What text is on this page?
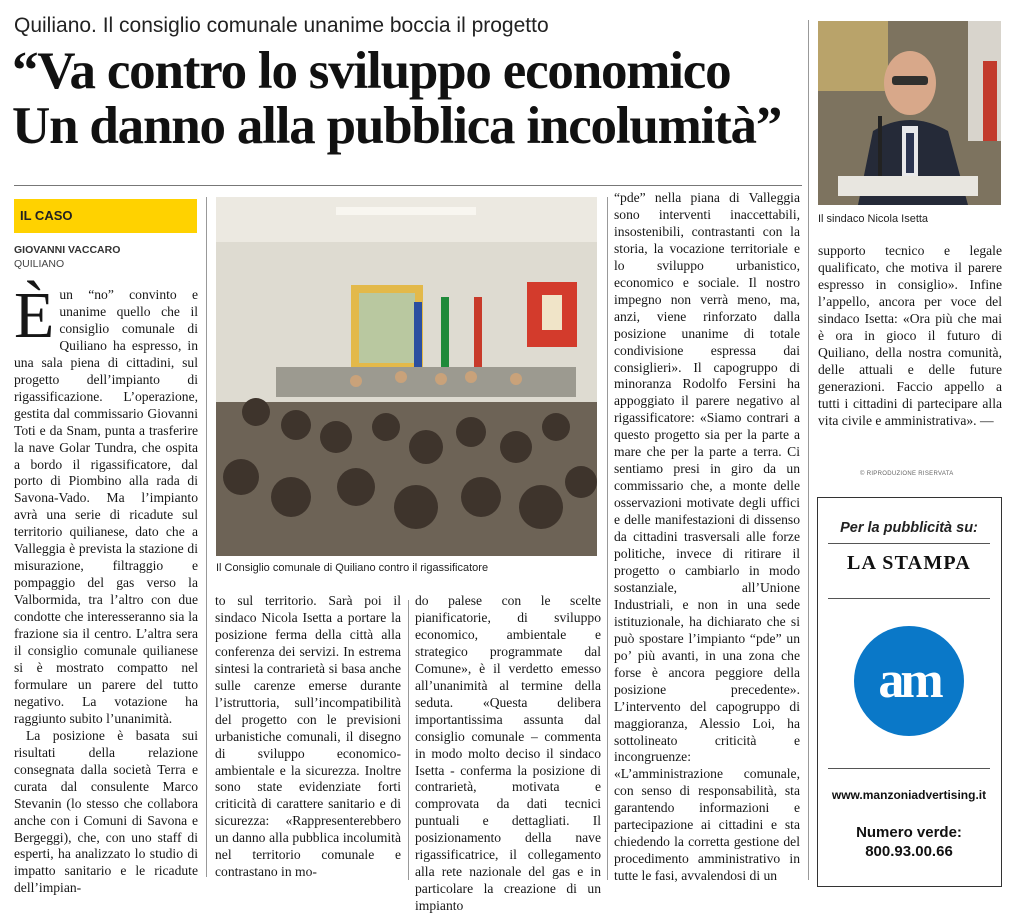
Quiliano. Il consiglio comunale unanime boccia il progetto
“Va contro lo sviluppo economico
Un danno alla pubblica incolumità”
IL CASO
GIOVANNI VACCARO
QUILIANO

Èun “no” convinto e unanime quello che il consiglio comunale di Quiliano ha espresso, in una sala piena di cittadini, sul progetto dell’impianto di rigassificazione. L’operazione, gestita dal commissario Giovanni Toti e da Snam, punta a trasferire la nave Golar Tundra, che ospita a bordo il rigassificatore, dal porto di Piombino alla rada di Savona-Vado. Ma l’impianto avrà una serie di ricadute sul territorio quilianese, dato che a Valleggia è prevista la stazione di misurazione, filtraggio e pompaggio del gas verso la Valbormida, tra l’altro con due condotte che interesseranno sia la frazione sia il centro. L’altra sera il consiglio comunale quilianese si è mostrato compatto nel formulare un parere del tutto negativo. La votazione ha raggiunto subito l’unanimità.

La posizione è basata sui risultati della relazione consegnata dalla società Terra e curata dal consulente Marco Stevanin (lo stesso che collabora anche con i Comuni di Savona e Bergeggi), che, con uno staff di esperti, ha analizzato lo studio di impatto sanitario e le ricadute dell’impian-

Il Consiglio comunale di Quiliano contro il rigassificatore

to sul territorio. Sarà poi il sindaco Nicola Isetta a portare la posizione ferma della città alla conferenza dei servizi. In estrema sintesi la contrarietà si basa anche sulle carenze emerse durante l’istruttoria, sull’incompatibilità del progetto con le previsioni urbanistiche comunali, il disegno di sviluppo economico-ambientale e la sicurezza. Inoltre sono state evidenziate forti criticità di carattere sanitario e di sicurezza: «Rappresenterebbero un danno alla pubblica incolumità nel territorio comunale e contrastano in mo-

do palese con le scelte pianificatorie, di sviluppo economico, ambientale e strategico programmate dal Comune», è il verdetto emesso all’unanimità al termine della seduta. «Questa delibera importantissima assunta dal consiglio comunale – commenta in modo molto deciso il sindaco Isetta - conferma la posizione di contrarietà, motivata e comprovata da dati tecnici puntuali e dettagliati. Il posizionamento della nave rigassificatrice, il collegamento alla rete nazionale del gas e in particolare la creazione di un impianto

“pde” nella piana di Valleggia sono interventi inaccettabili, insostenibili, contrastanti con la storia, la vocazione territoriale e lo sviluppo urbanistico, economico e sociale. Il nostro impegno non verrà meno, ma, anzi, viene rinforzato dalla posizione unanime di totale condivisione espressa dai consiglieri». Il capogruppo di minoranza Rodolfo Fersini ha appoggiato il parere negativo al rigassificatore: «Siamo contrari a questo progetto sia per la parte a mare che per la parte a terra. Ci sentiamo presi in giro da un commissario che, a monte delle osservazioni motivate degli uffici e delle manifestazioni di dissenso da cittadini trasversali alle forze politiche, invece di ritirare il progetto o cambiarlo in modo sostanziale, all’Unione Industriali, e non in una sede istituzionale, ha dichiarato che si può spostare l’impianto “pde” un po’ più avanti, in una zona che forse è ancora peggiore della posizione precedente». L’intervento del capogruppo di maggioranza, Alessio Loi, ha sottolineato criticità e incongruenze: «L’amministrazione comunale, con senso di responsabilità, sta garantendo informazioni e partecipazione ai cittadini e sta chiedendo la corretta gestione del procedimento amministrativo in tutte le fasi, avvalendosi di un

Il sindaco Nicola Isetta

supporto tecnico e legale qualificato, che motiva il parere espresso in consiglio». Infine l’appello, ancora per voce del sindaco Isetta: «Ora più che mai è ora in gioco il futuro di Quiliano, della nostra comunità, delle attuali e delle future generazioni. Faccio appello a tutti i cittadini di partecipare alla vita civile e amministrativa». —

© RIPRODUZIONE RISERVATA
Per la pubblicità su:
LA STAMPA
am
www.manzoniadvertising.it
Numero verde:
800.93.00.66
